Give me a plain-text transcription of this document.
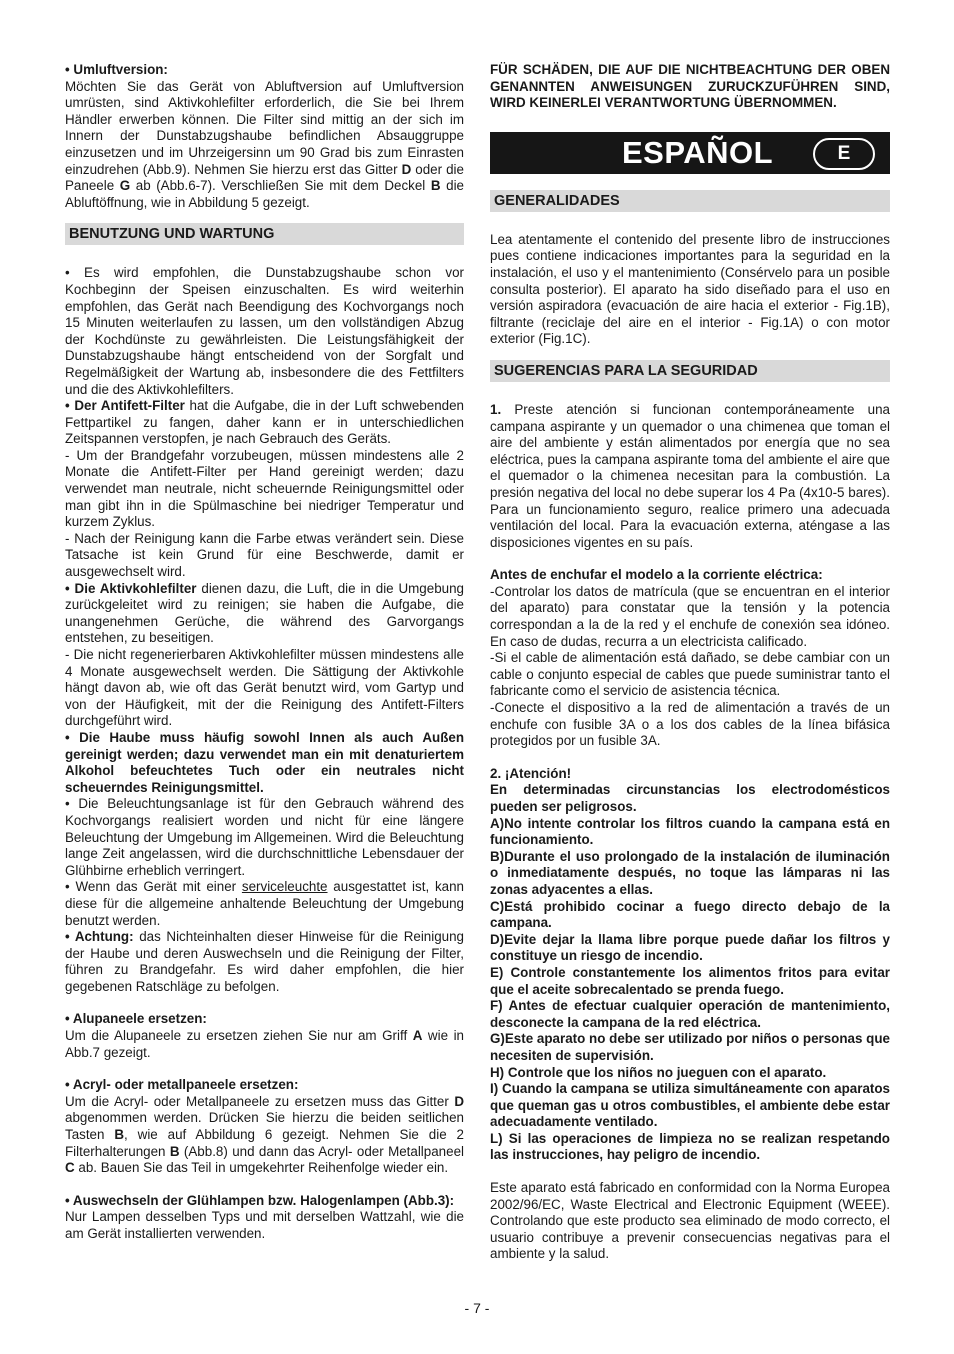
• Umluftversion:

Möchten Sie das Gerät von Abluftversion auf Umluftversion umrüsten, sind Aktivkohlefilter erforderlich, die Sie bei Ihrem Händler erwerben können. Die Filter sind mittig an der sich im Innern der Dunstabzugshaube befindlichen Absauggruppe einzusetzen und im Uhrzeigersinn um 90 Grad bis zum Einrasten einzudrehen (Abb.9). Nehmen Sie hierzu erst das Gitter D oder die Paneele G ab (Abb.6-7). Verschließen Sie mit dem Deckel B die Abluftöffnung, wie in Abbildung 5 gezeigt.

BENUTZUNG UND WARTUNG

• Es wird empfohlen, die Dunstabzugshaube schon vor Kochbeginn der Speisen einzuschalten. Es wird weiterhin empfohlen, das Gerät nach Beendigung des Kochvorgangs noch 15 Minuten weiterlaufen zu lassen, um den vollständigen Abzug der Kochdünste zu gewährleisten. Die Leistungsfähigkeit der Dunstabzugshaube hängt entscheidend von der Sorgfalt und Regelmäßigkeit der Wartung ab, insbesondere die des Fettfilters und die des Aktivkohlefilters.

• Der Antifett-Filter hat die Aufgabe, die in der Luft schwebenden Fettpartikel zu fangen, daher kann er in unterschiedlichen Zeitspannen verstopfen, je nach Gebrauch des Geräts.

- Um der Brandgefahr vorzubeugen, müssen mindestens alle 2 Monate die Antifett-Filter per Hand gereinigt werden; dazu verwendet man neutrale, nicht scheuernde Reinigungsmittel oder man gibt ihn in die Spülmaschine bei niedriger Temperatur und kurzem Zyklus.

- Nach der Reinigung kann die Farbe etwas verändert sein. Diese Tatsache ist kein Grund für eine Beschwerde, damit er ausgewechselt wird.

• Die Aktivkohlefilter dienen dazu, die Luft, die in die Umgebung zurückgeleitet wird zu reinigen; sie haben die Aufgabe, die unangenehmen Gerüche, die während des Garvorgangs entstehen, zu beseitigen.

- Die nicht regenerierbaren Aktivkohlefilter müssen mindestens alle 4 Monate ausgewechselt werden. Die Sättigung der Aktivkohle hängt davon ab, wie oft das Gerät benutzt wird, vom Gartyp und von der Häufigkeit, mit der die Reinigung des Antifett-Filters durchgeführt wird.

• Die Haube muss häufig sowohl Innen als auch Außen gereinigt werden; dazu verwendet man ein mit denaturiertem Alkohol befeuchtetes Tuch oder ein neutrales nicht scheuerndes Reinigungsmittel.

• Die Beleuchtungsanlage ist für den Gebrauch während des Kochvorgangs realisiert worden und nicht für eine längere Beleuchtung der Umgebung im Allgemeinen. Wird die Beleuchtung lange Zeit angelassen, wird die durchschnittliche Lebensdauer der Glühbirne erheblich verringert.

• Wenn das Gerät mit einer serviceleuchte ausgestattet ist, kann diese für die allgemeine anhaltende Beleuchtung der Umgebung benutzt werden.

• Achtung: das Nichteinhalten dieser Hinweise für die Reinigung der Haube und deren Auswechseln und die Reinigung der Filter, führen zu Brandgefahr. Es wird daher empfohlen, die hier gegebenen Ratschläge zu befolgen.

• Alupaneele ersetzen:

Um die Alupaneele zu ersetzen ziehen Sie nur am Griff A wie in Abb.7 gezeigt.

• Acryl- oder metallpaneele ersetzen:

Um die Acryl- oder Metallpaneele zu ersetzen muss das Gitter D abgenommen werden. Drücken Sie hierzu die beiden seitlichen Tasten B, wie auf Abbildung 6 gezeigt. Nehmen Sie die 2 Filterhalterungen B (Abb.8) und dann das Acryl- oder Metallpaneel C ab. Bauen Sie das Teil in umgekehrter Reihenfolge wieder ein.

• Auswechseln der Glühlampen bzw. Halogenlampen (Abb.3):

Nur Lampen desselben Typs und mit derselben Wattzahl, wie die am Gerät installierten verwenden.

FÜR SCHÄDEN, DIE AUF DIE NICHTBEACHTUNG DER OBEN GENANNTEN ANWEISUNGEN ZURUCKZUFÜHREN SIND, WIRD KEINERLEI VERANTWORTUNG ÜBERNOMMEN.

ESPAÑOL	E
GENERALIDADES

Lea atentamente el contenido del presente libro de instrucciones pues contiene indicaciones importantes para la seguridad en la instalación, el uso y el mantenimiento (Consérvelo para un posible consulta posterior). El aparato ha sido diseñado para el uso en versión aspiradora (evacuación de aire hacia el exterior - Fig.1B), filtrante (reciclaje del aire en el interior - Fig.1A) o con motor exterior (Fig.1C).

SUGERENCIAS PARA LA SEGURIDAD

1. Preste atención si funcionan contemporáneamente una campana aspirante y un quemador o una chimenea que toman el aire del ambiente y están alimentados por energía que no sea eléctrica, pues la campana aspirante toma del ambiente el aire que el quemador o la chimenea necesitan para la combustión. La presión negativa del local no debe superar los 4 Pa (4x10-5 bares). Para un funcionamiento seguro, realice primero una adecuada ventilación del local. Para la evacuación externa, aténgase a las disposiciones vigentes en su país.

Antes de enchufar el modelo a la corriente eléctrica:

-Controlar los datos de matrícula (que se encuentran en el interior del aparato) para constatar que la tensión y la potencia correspondan a la de la red y el enchufe de conexión sea idóneo. En caso de dudas, recurra a un electricista calificado.

-Si el cable de alimentación está dañado, se debe cambiar con un cable o conjunto especial de cables que puede suministrar tanto el fabricante como el servicio de asistencia técnica.

-Conecte el dispositivo a la red de alimentación a través de un enchufe con fusible 3A o a los dos cables de la línea bifásica protegidos por un fusible 3A.

2. ¡Atención!

En determinadas circunstancias los electrodomésticos pueden ser peligrosos.

A)No intente controlar los filtros cuando la campana está en funcionamiento.

B)Durante el uso prolongado de la instalación de iluminación o inmediatamente después, no toque las lámparas ni las zonas adyacentes a ellas.

C)Está prohibido cocinar a fuego directo debajo de la campana.

D)Evite dejar la llama libre porque puede dañar los filtros y constituye un riesgo de incendio.

E) Controle constantemente los alimentos fritos para evitar que el aceite sobrecalentado se prenda fuego.

F) Antes de efectuar cualquier operación de mantenimiento, desconecte la campana de la red eléctrica.

G)Este aparato no debe ser utilizado por niños o personas que necesiten de supervisión.

H) Controle que los niños no jueguen con el aparato.

I) Cuando la campana se utiliza simultáneamente con aparatos que queman gas u otros combustibles, el ambiente debe estar adecuadamente ventilado.

L) Si las operaciones de limpieza no se realizan respetando las instrucciones, hay peligro de incendio.

Este aparato está fabricado en conformidad con la Norma Europea 2002/96/EC, Waste Electrical and Electronic Equipment (WEEE). Controlando que este producto sea eliminado de modo correcto, el usuario contribuye a prevenir consecuencias negativas para el ambiente y la salud.

- 7 -
